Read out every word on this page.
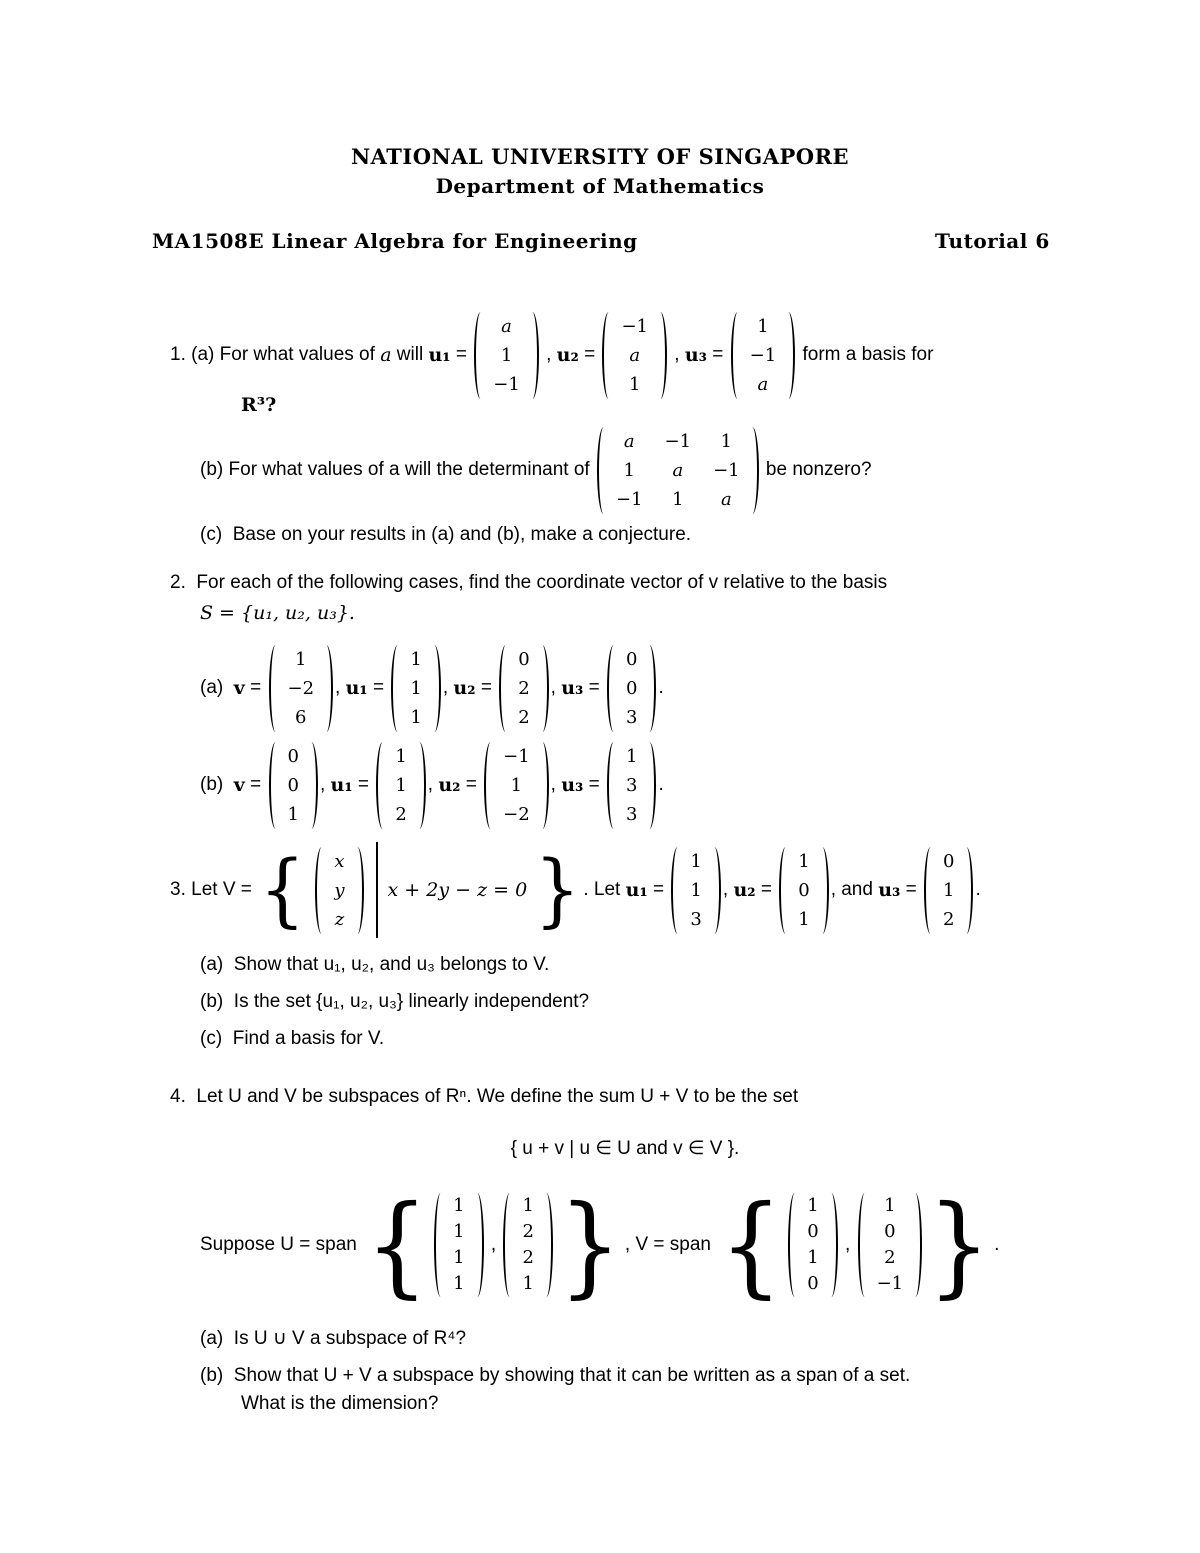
NATIONAL UNIVERSITY OF SINGAPORE
Department of Mathematics
MA1508E Linear Algebra for Engineering	Tutorial 6
1.
(a)
For what values of
a
will
u₁ =
a
1
−1
, u₂ =
−1
a
1
, u₃ =
1
−1
a

form a basis for
R³?
(b)
For what values of a will the determinant of

a	−1	1
1	a	−1
−1	1	a

be nonzero?
(c) Base on your results in (a) and (b), make a conjecture.
2. For each of the following cases, find the coordinate vector of v relative to the basis
S = {u₁, u₂, u₃}.
(a)
v =
1
−2
6
, u₁ =
1
1
1
, u₂ =
0
2
2
, u₃ =
0
0
3
.
(b)
v =
0
0
1
, u₁ =
1
1
2
, u₂ =
−1
1
−2
, u₃ =
1
3
3
.
3.
Let V =
{
x
y
z
x + 2y − z = 0
} . Let
u₁ =
1
1
3
, u₂ =
1
0
1
, and
u₃ =
0
1
2
.
(a) Show that u₁, u₂, and u₃ belongs to V.
(b) Is the set {u₁, u₂, u₃} linearly independent?
(c) Find a basis for V.
4. Let U and V be subspaces of Rⁿ. We define the sum U + V to be the set
{ u + v | u ∈ U and v ∈ V }.
Suppose U = span
{ 1
1
1
1
,
1
2
2
1 } , V = span
{ 1
0
1
0
,
1
0
2
−1 } .
(a) Is U ∪ V a subspace of R⁴?
(b) Show that U + V a subspace by showing that it can be written as a span of a set.
What is the dimension?
